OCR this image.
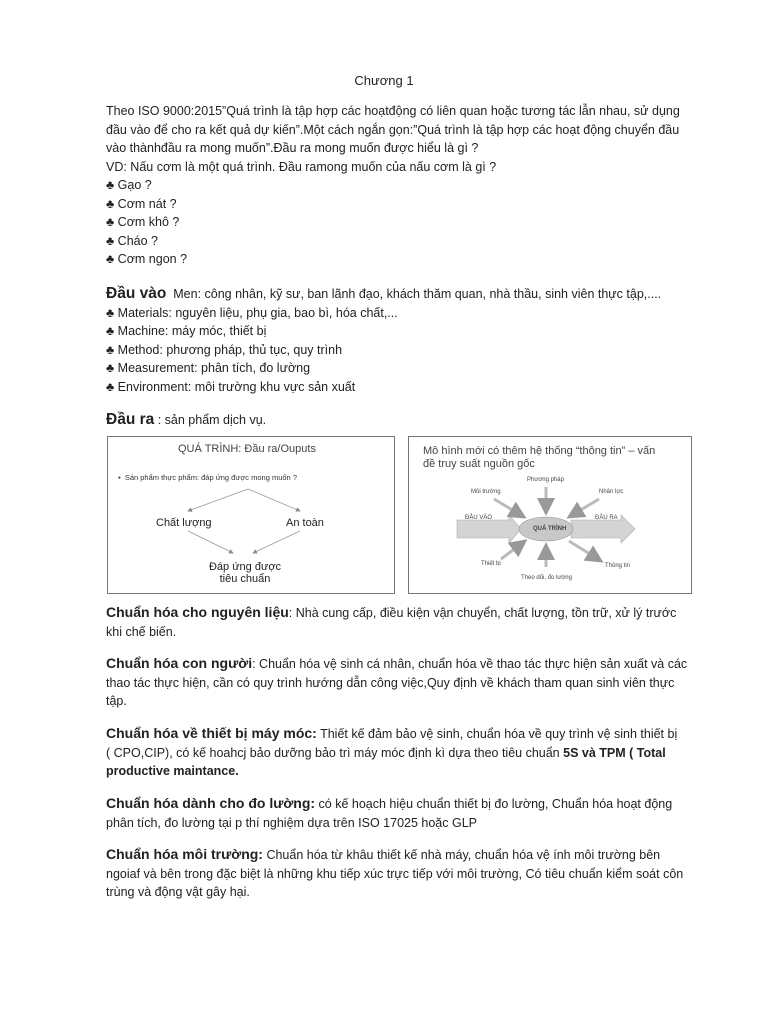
Chương 1
Theo ISO 9000:2015”Quá trình là tập hợp các hoạtđộng có liên quan hoặc tương tác lẫn nhau, sử dụng
đầu vào để cho ra kết quả dự kiến”.Một cách ngắn gọn:”Quá trình là tập hợp các hoạt động chuyển đầu
vào thànhđầu ra mong muốn”.Đầu ra mong muốn được hiểu là gì ?
VD: Nấu cơm là một quá trình. Đầu ramong muốn của nấu cơm là gì ?
♣ Gạo ?
♣ Cơm nát ?
♣ Cơm khô ?
♣ Cháo ?
♣ Cơm ngon ?
Đầu vào Men: công nhân, kỹ sư, ban lãnh đạo, khách thăm quan, nhà thầu, sinh viên thực tập,....
♣ Materials: nguyên liệu, phụ gia, bao bì, hóa chất,...
♣ Machine: máy móc, thiết bị
♣ Method: phương pháp, thủ tục, quy trình
♣ Measurement: phân tích, đo lường
♣ Environment: môi trường khu vực sản xuất
Đầu ra : sản phẩm dịch vụ.
QUÁ TRÌNH: Đầu ra/Ouputs
▪  Sản phẩm thực phẩm: đáp ứng được mong muốn ?
Chất lượng	An toàn
Đáp ứng được
tiêu chuẩn
Mô hình mới có thêm hệ thống “thông tin” – vấn
đề truy suất nguồn gốc
QUÁ TRÌNH
ĐẦU VÀO	ĐẦU RA
Phương pháp
Môi trường	Nhân lực
Thiết bị
Theo dõi, đo lường
Thông tin
Chuẩn hóa cho nguyên liệu: Nhà cung cấp, điều kiện vận chuyển, chất lượng, tồn trữ, xử lý trước
khi chế biến.
Chuẩn hóa con người: Chuẩn hóa vệ sinh cá nhân, chuẩn hóa về thao tác thực hiện sản xuất và các
thao tác thực hiện, cần có quy trình hướng dẫn công việc,Quy định về khách tham quan sinh viên thực
tập.
Chuẩn hóa về thiết bị máy móc: Thiết kế đảm bảo vệ sinh, chuẩn hóa về quy trình vệ sinh thiết bị
( CPO,CIP), có kế hoahcj bảo dưỡng bảo trì máy móc định kì dựa theo tiêu chuẩn 5S và TPM ( Total
productive maintance.
Chuẩn hóa dành cho đo lường: có kế hoạch hiệu chuẩn thiết bị đo lường, Chuẩn hóa hoạt động
phân tích, đo lường tại p thí nghiệm dựa trên ISO 17025 hoặc GLP
Chuẩn hóa môi trường: Chuẩn hóa từ khâu thiết kế nhà máy, chuẩn hóa vệ ính môi trường bên
ngoiaf và bên trong đặc biệt là những khu tiếp xúc trực tiếp với môi trường, Có tiêu chuẩn kiểm soát côn
trùng và động vật gây hại.
